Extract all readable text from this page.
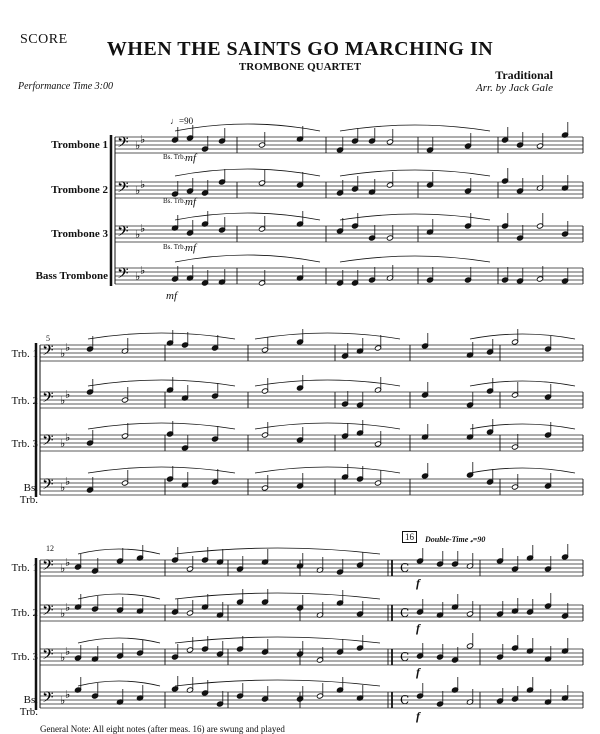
SCORE	WHEN THE SAINTS GO MARCHING IN
TROMBONE QUARTET
Traditional
Arr. by Jack Gale
Performance Time 3:00
Trombone 1
Trombone 2
Trombone 3
Bass Trombone
♩=90
mf
Bs. Trb.
mf
Bs. Trb.
mf
Bs. Trb.
mf
Trb. 1
Trb. 2
Trb. 3
Bs. Trb.
5
Trb. 1
Trb. 2
Trb. 3
Bs. Trb.
12
16	Double-Time 𝅗=90
f
f
f
f
General Note: All eight notes (after meas. 16) are swung and played
𝄢 ♭ ♭
𝄢 ♭ ♭
𝄢 ♭ ♭
𝄢 ♭ ♭
𝄢 ♭ ♭
𝄢 ♭ ♭
𝄢 ♭ ♭
𝄢 ♭ ♭
𝄢 ♭ ♭
𝄢 ♭ ♭
𝄢 ♭ ♭
𝄢 ♭ ♭
C
C
C
C
